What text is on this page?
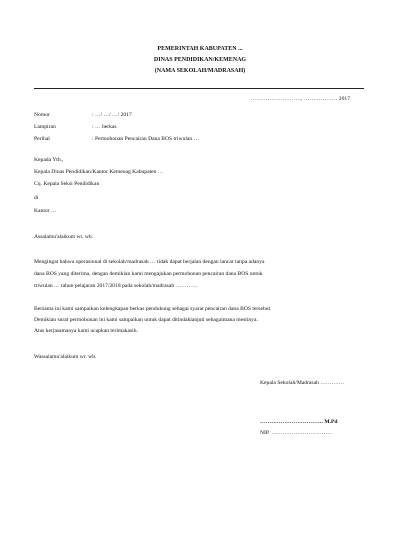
PEMERINTAH KABUPATEN ...
DINAS PENDIDIKAN/KEMENAG
(NAMA SEKOLAH/MADRASAH)
………………………, ……………… 2017
Nomor	: …/ …/ …/ 2017
Lampiran	: … berkas
Perihal	: Permohonan Pencairan Dana BOS triwulan …
Kepada Yth.,
Kepala Dinas Pendidikan/Kantor Kemenag Kabupaten …
Cq. Kepala Seksi Pendidikan
di
Kantor …
Assalamu'alaikum wr. wb.
Mengingat bahwa operasional di sekolah/madrasah … tidak dapat berjalan dengan lancar tanpa adanya
dana BOS yang diterima, dengan demikian kami mengajukan permohonan pencairan dana BOS untuk
triwulan … tahun pelajaran 2017/2018 pada sekolah/madrasah …………
Bersama ini kami sampaikan kelengkapan berkas pendukung sebagai syarat pencairan dana BOS tersebut.
Demikian surat permohonan ini kami sampaikan untuk dapat ditindaklanjuti sebagaimana mestinya.
Atas kerjasamanya kami ucapkan terimakasih.
Wassalamu'alaikum wr. wb.
Kepala Sekolah/Madrasah ………….
……………………………. M.Pd
NIP. ……………………………
